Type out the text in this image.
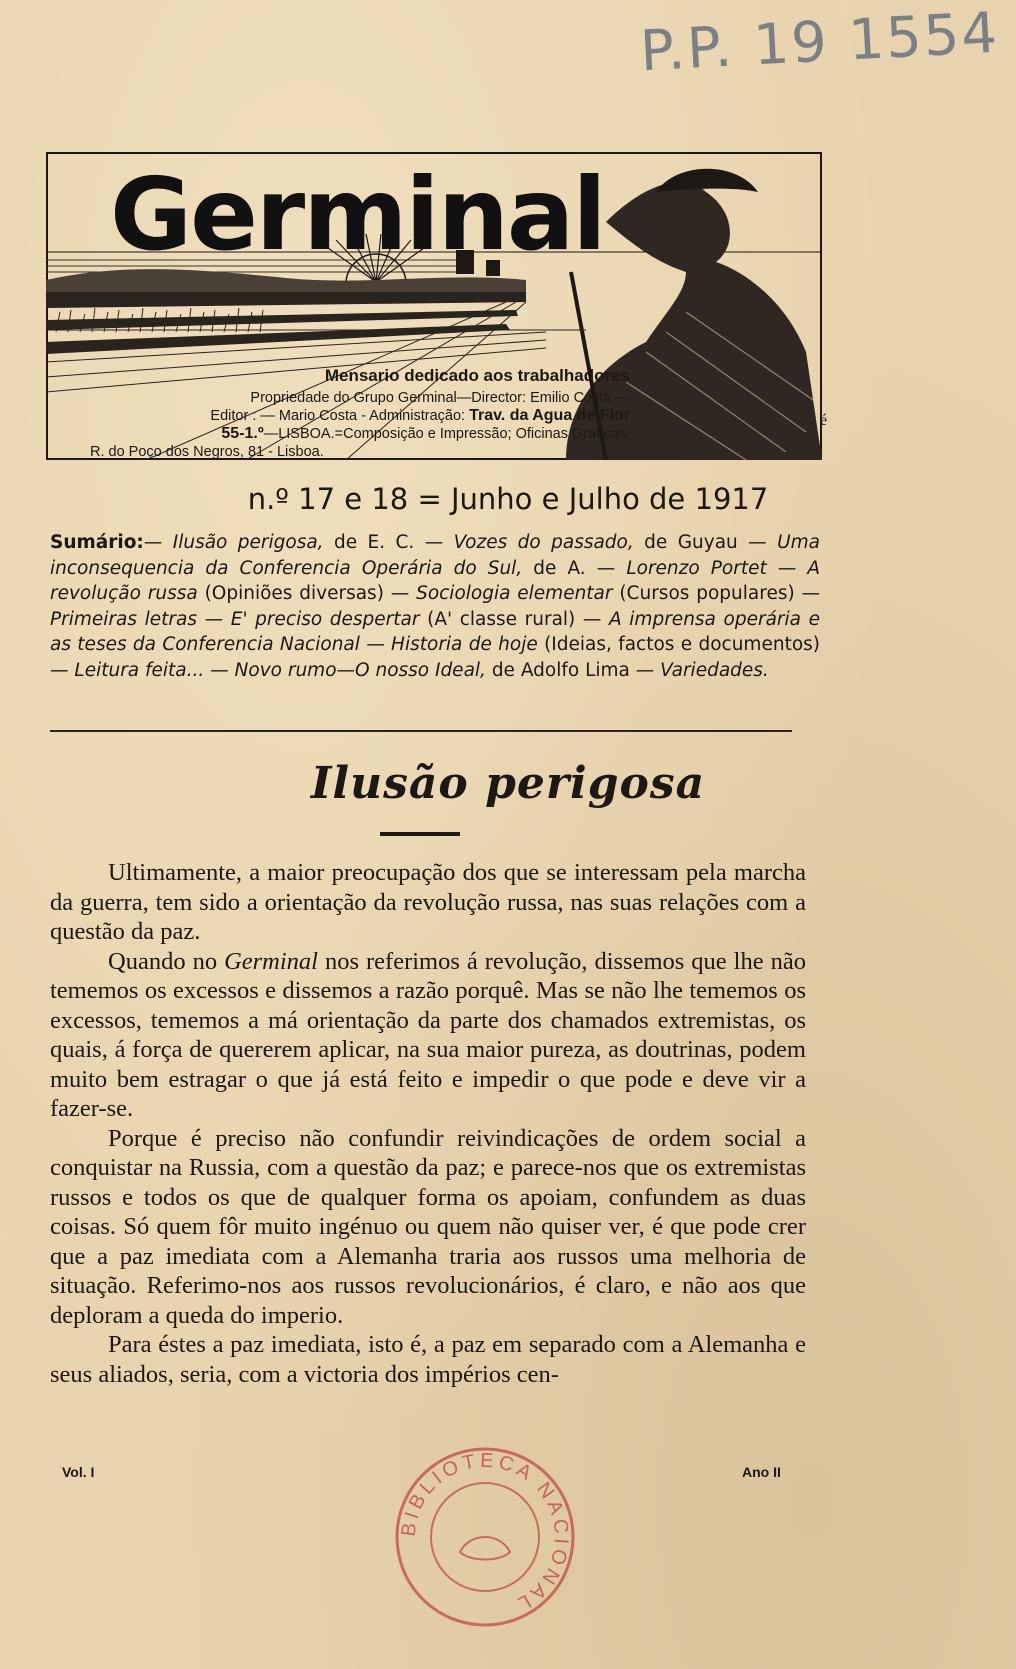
P.P. 19 1554
Germinal
Mensario dedicado aos trabalhadores
Propriedade do Grupo Germinal—Director: Emilio Costa —
Editor : — Mario Costa - Administração: Trav. da Agua de Flor
55-1.º—LISBOA.=Composição e Impressão; Oficinas Graficas,
R. do Poço dos Negros, 81 - Lisboa.
é
n.º 17 e 18 = Junho e Julho de 1917
Sumário:— Ilusão perigosa, de E. C. — Vozes do passado, de Guyau — Uma inconsequencia da Conferencia Operária do Sul, de A. — Lorenzo Portet — A revolução russa (Opiniões diversas) — Sociologia elementar (Cursos populares) — Primeiras letras — E' preciso despertar (A' classe rural) — A imprensa operária e as teses da Conferencia Nacional — Historia de hoje (Ideias, factos e documentos) — Leitura feita... — Novo rumo—O nosso Ideal, de Adolfo Lima — Variedades.
Ilusão perigosa

Ultimamente, a maior preocupação dos que se interessam pela marcha da guerra, tem sido a orientação da revolução russa, nas suas relações com a questão da paz.

Quando no Germinal nos referimos á revolução, dissemos que lhe não tememos os excessos e dissemos a razão porquê. Mas se não lhe tememos os excessos, tememos a má orientação da parte dos chamados extremistas, os quais, á força de quererem aplicar, na sua maior pureza, as doutrinas, podem muito bem estragar o que já está feito e impedir o que pode e deve vir a fazer-se.

Porque é preciso não confundir reivindicações de ordem social a conquistar na Russia, com a questão da paz; e parece-nos que os extremistas russos e todos os que de qualquer forma os apoiam, confundem as duas coisas. Só quem fôr muito ingénuo ou quem não quiser ver, é que pode crer que a paz imediata com a Alemanha traria aos russos uma melhoria de situação. Referimo-nos aos russos revolucionários, é claro, e não aos que deploram a queda do imperio.

Para éstes a paz imediata, isto é, a paz em separado com a Alemanha e seus aliados, seria, com a victoria dos impérios cen-

Vol. I	Ano II
BIBLIOTECA NACIONAL
